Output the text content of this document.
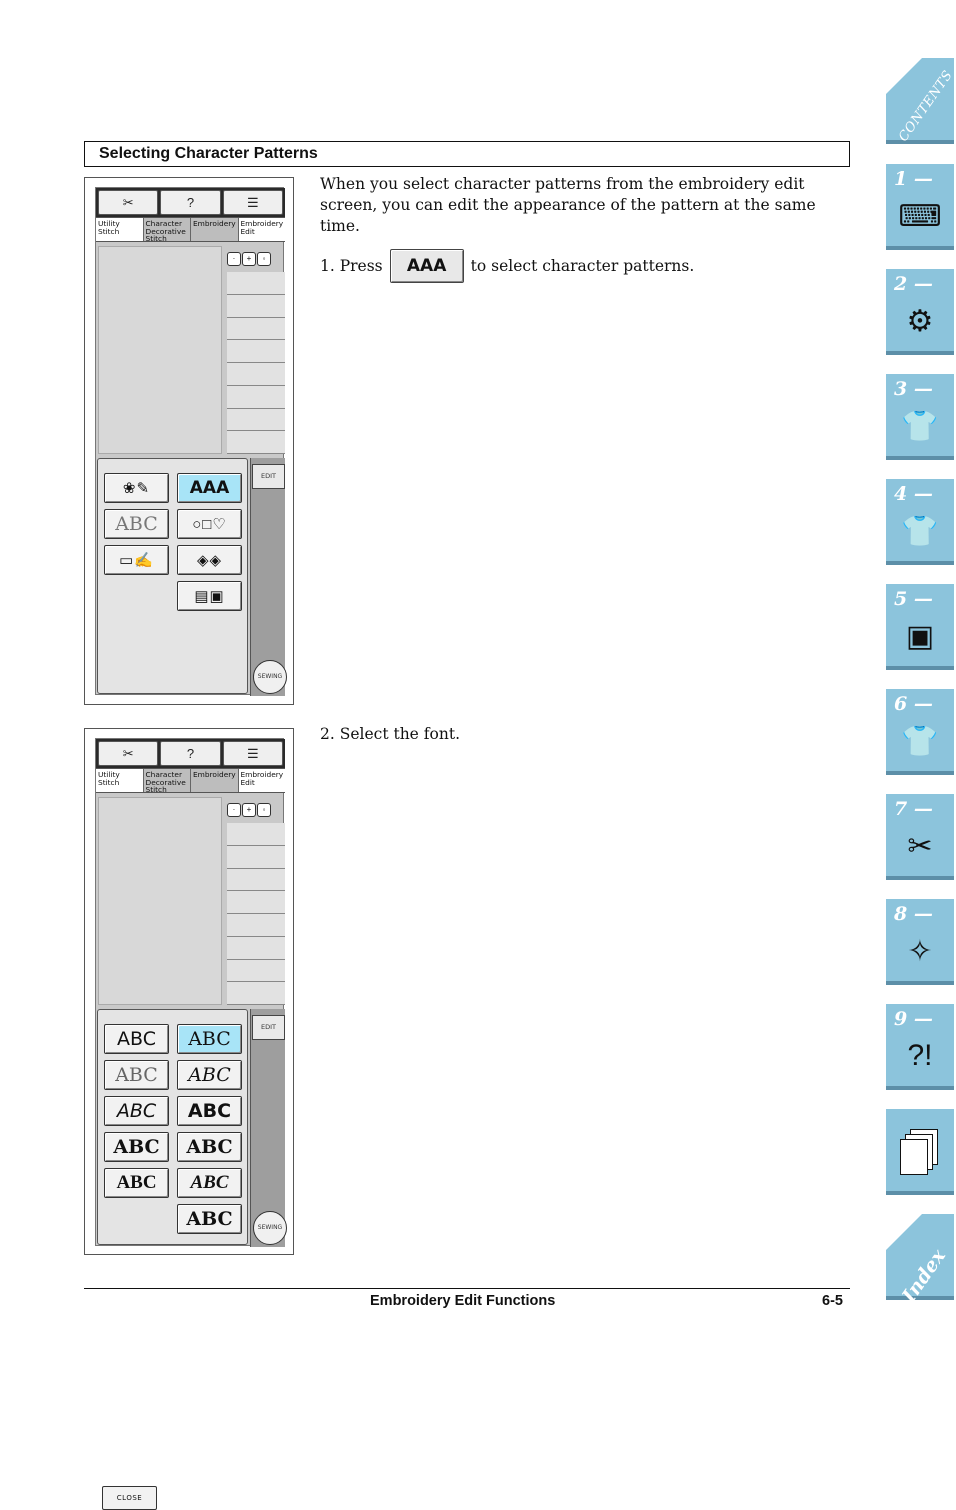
Selecting Character Patterns
When you select character patterns from the embroidery edit screen, you can edit the appearance of the pattern at the same time.
1. Press	AAA	to select character patterns.
2. Select the font.
✂	?	☰
Utility Stitch
Character Decorative Stitch
Embroidery Embroidery Edit
·	+	◦
❀✎ AAA
ABC ○□♡
▭✍	◈◈
▤▣
EDIT
SEWING
✂	?	☰
Utility Stitch
Character Decorative Stitch
Embroidery Embroidery Edit
·	+	◦
ABC ABC
ABC ABC
ABC ABC
ABC ABC
ABC ABC
ABC
CLOSE
EDIT
SEWING
Embroidery Edit Functions	6-5
CONTENTS
1 —
⌨
2 —
⚙
3 —
👕
4 —
👕
5 —
▣
6 —
👕
7 —
✂
8 —
✧
9 —
?!
Index
